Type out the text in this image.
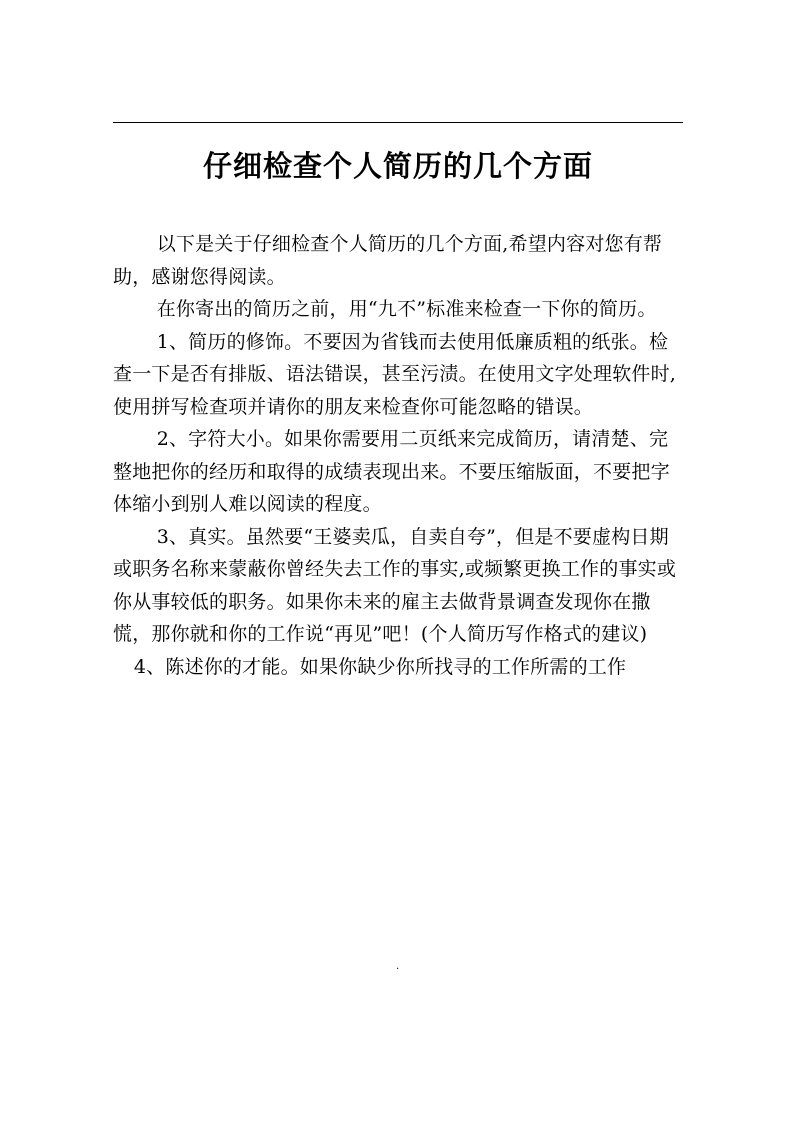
仔细检查个人简历的几个方面

以下是关于仔细检查个人简历的几个方面,希望内容对您有帮助，感谢您得阅读。

在你寄出的简历之前，用“九不”标准来检查一下你的简历。

1、简历的修饰。不要因为省钱而去使用低廉质粗的纸张。检查一下是否有排版、语法错误，甚至污渍。在使用文字处理软件时,使用拼写检查项并请你的朋友来检查你可能忽略的错误。

2、字符大小。如果你需要用二页纸来完成简历，请清楚、完整地把你的经历和取得的成绩表现出来。不要压缩版面，不要把字体缩小到别人难以阅读的程度。

3、真实。虽然要“王婆卖瓜，自卖自夸”，但是不要虚构日期或职务名称来蒙蔽你曾经失去工作的事实,或频繁更换工作的事实或你从事较低的职务。如果你未来的雇主去做背景调查发现你在撒慌，那你就和你的工作说“再见”吧！(个人简历写作格式的建议)

4、陈述你的才能。如果你缺少你所找寻的工作所需的工作

.
